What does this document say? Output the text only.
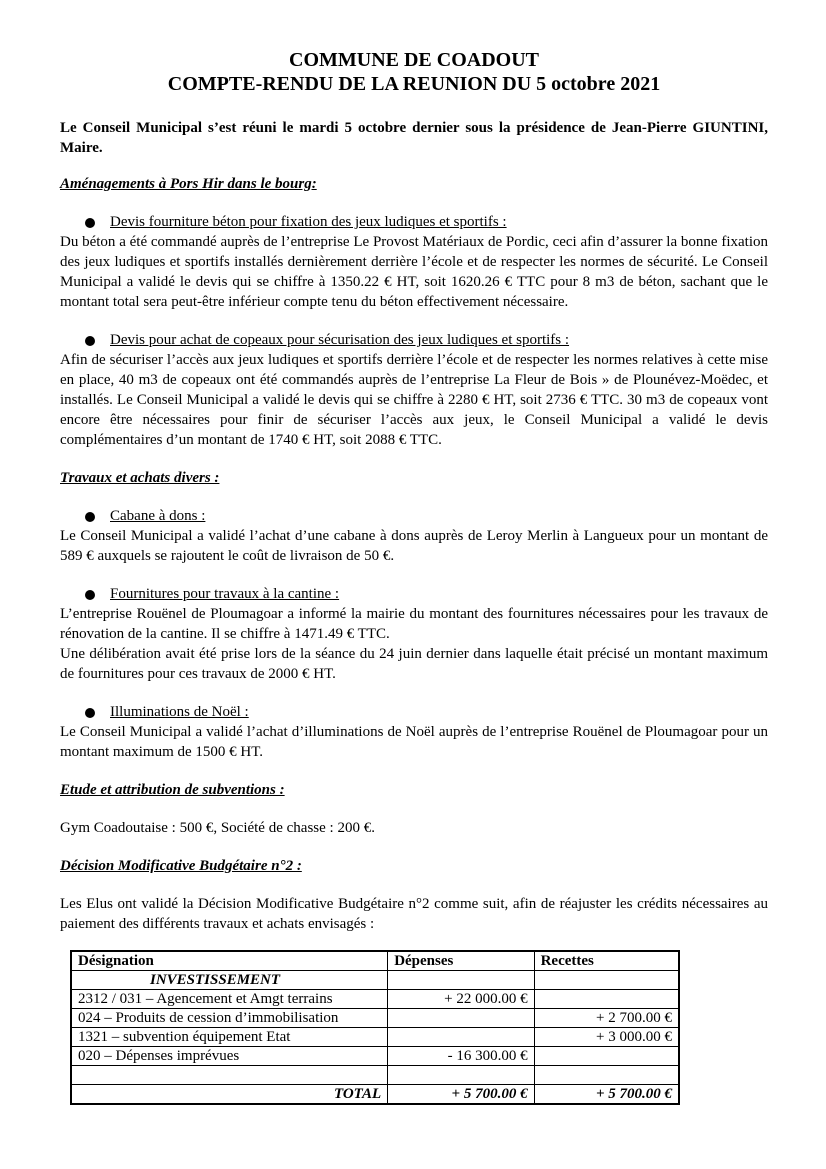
COMMUNE DE COADOUT

COMPTE-RENDU DE LA REUNION DU 5 octobre 2021

Le Conseil Municipal s’est réuni le mardi 5 octobre dernier sous la présidence de Jean-Pierre GIUNTINI, Maire.

Aménagements à Pors Hir dans le bourg:

Devis fourniture béton pour fixation des jeux ludiques et sportifs :

Du béton a été commandé auprès de l’entreprise Le Provost Matériaux de Pordic, ceci afin d’assurer la bonne fixation des jeux ludiques et sportifs installés dernièrement derrière l’école et de respecter les normes de sécurité. Le Conseil Municipal a validé le devis qui se chiffre à 1350.22 € HT, soit 1620.26 € TTC pour 8 m3 de béton, sachant que le montant total sera peut-être inférieur compte tenu du béton effectivement nécessaire.

Devis pour achat de copeaux pour sécurisation des jeux ludiques et sportifs :

Afin de sécuriser l’accès aux jeux ludiques et sportifs derrière l’école et de respecter les normes relatives à cette mise en place, 40 m3 de copeaux ont été commandés auprès de l’entreprise La Fleur de Bois » de Plounévez-Moëdec, et installés. Le Conseil Municipal a validé le devis qui se chiffre à 2280 € HT, soit 2736 € TTC. 30 m3 de copeaux vont encore être nécessaires pour finir de sécuriser l’accès aux jeux, le Conseil Municipal a validé le devis complémentaires d’un montant de 1740 € HT, soit 2088 € TTC.

Travaux et achats divers :

Cabane à dons :

Le Conseil Municipal a validé l’achat d’une cabane à dons auprès de Leroy Merlin à Langueux pour un montant de 589 € auxquels se rajoutent le coût de livraison de 50 €.

Fournitures pour travaux à la cantine :

L’entreprise Rouënel de Ploumagoar a informé la mairie du montant des fournitures nécessaires pour les travaux de rénovation de la cantine. Il se chiffre à 1471.49 € TTC.

Une délibération avait été prise lors de la séance du 24 juin dernier dans laquelle était précisé un montant maximum de fournitures pour ces travaux de 2000 € HT.

Illuminations de Noël :

Le Conseil Municipal a validé l’achat d’illuminations de Noël auprès de l’entreprise Rouënel de Ploumagoar pour un montant maximum de 1500 € HT.

Etude et attribution de subventions :

Gym Coadoutaise : 500 €, Société de chasse : 200 €.

Décision Modificative Budgétaire n°2 :

Les Elus ont validé la Décision Modificative Budgétaire n°2 comme suit, afin de réajuster les crédits nécessaires au paiement des différents travaux et achats envisagés :

Désignation	Dépenses	Recettes
INVESTISSEMENT		
2312 / 031 – Agencement et Amgt terrains	+ 22 000.00 €	
024 – Produits de cession d’immobilisation		+ 2 700.00 €
1321 – subvention équipement Etat		+ 3 000.00 €
020 – Dépenses imprévues	- 16 300.00 €	

TOTAL	+ 5 700.00 €	+ 5 700.00 €
